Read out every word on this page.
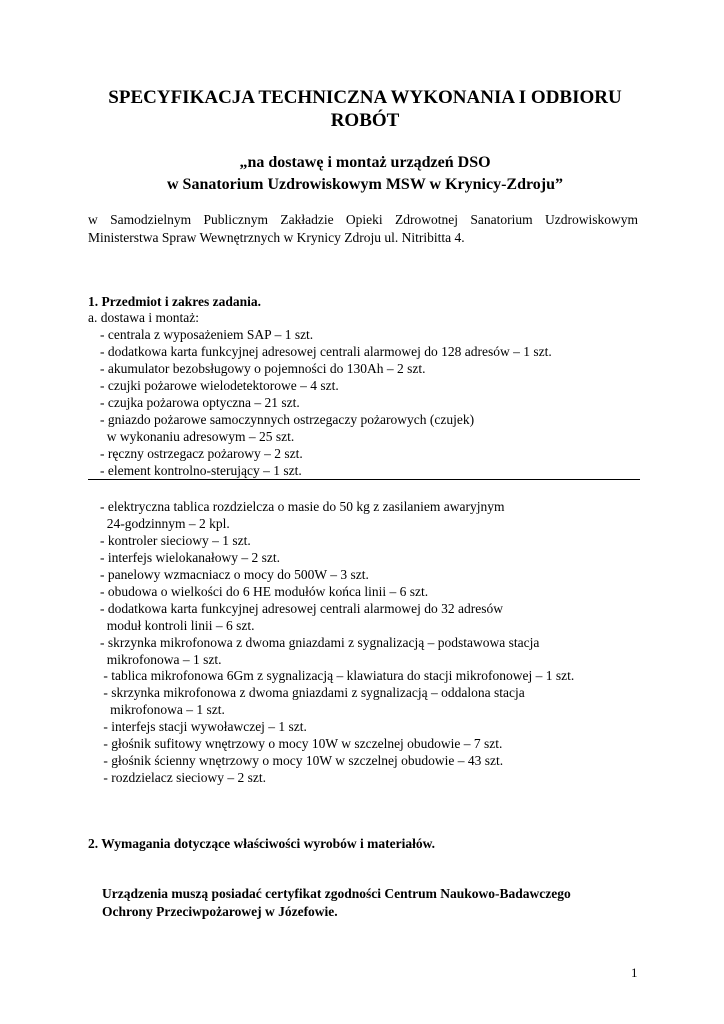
SPECYFIKACJA TECHNICZNA WYKONANIA I ODBIORU
ROBÓT
„na dostawę i montaż urządzeń DSO
w Sanatorium Uzdrowiskowym MSW w Krynicy-Zdroju”
w Samodzielnym Publicznym Zakładzie Opieki Zdrowotnej Sanatorium Uzdrowiskowym
Ministerstwa Spraw Wewnętrznych w Krynicy Zdroju ul. Nitribitta 4.
1. Przedmiot i zakres zadania.
a. dostawa i montaż:
- centrala z wyposażeniem SAP – 1 szt.
- dodatkowa karta funkcyjnej adresowej centrali alarmowej do 128 adresów – 1 szt.
- akumulator bezobsługowy o pojemności do 130Ah – 2 szt.
- czujki pożarowe wielodetektorowe – 4 szt.
- czujka pożarowa optyczna – 21 szt.
- gniazdo pożarowe samoczynnych ostrzegaczy pożarowych (czujek)
w wykonaniu adresowym – 25 szt.
- ręczny ostrzegacz pożarowy – 2 szt.
- element kontrolno-sterujący – 1 szt.
- elektryczna tablica rozdzielcza o masie do 50 kg z zasilaniem awaryjnym
24-godzinnym – 2 kpl.
- kontroler sieciowy – 1 szt.
- interfejs wielokanałowy – 2 szt.
- panelowy wzmacniacz o mocy do 500W – 3 szt.
- obudowa o wielkości do 6 HE modułów końca linii – 6 szt.
- dodatkowa karta funkcyjnej adresowej centrali alarmowej do 32 adresów
moduł kontroli linii – 6 szt.
- skrzynka mikrofonowa z dwoma gniazdami z sygnalizacją – podstawowa stacja
mikrofonowa – 1 szt.
- tablica mikrofonowa 6Gm z sygnalizacją – klawiatura do stacji mikrofonowej – 1 szt.
- skrzynka mikrofonowa z dwoma gniazdami z sygnalizacją – oddalona stacja
mikrofonowa – 1 szt.
- interfejs stacji wywoławczej – 1 szt.
- głośnik sufitowy wnętrzowy o mocy 10W w szczelnej obudowie – 7 szt.
- głośnik ścienny wnętrzowy o mocy 10W w szczelnej obudowie – 43 szt.
- rozdzielacz sieciowy – 2 szt.
2. Wymagania dotyczące właściwości wyrobów i materiałów.
Urządzenia muszą posiadać certyfikat zgodności Centrum Naukowo-Badawczego
Ochrony Przeciwpożarowej w Józefowie.
1
